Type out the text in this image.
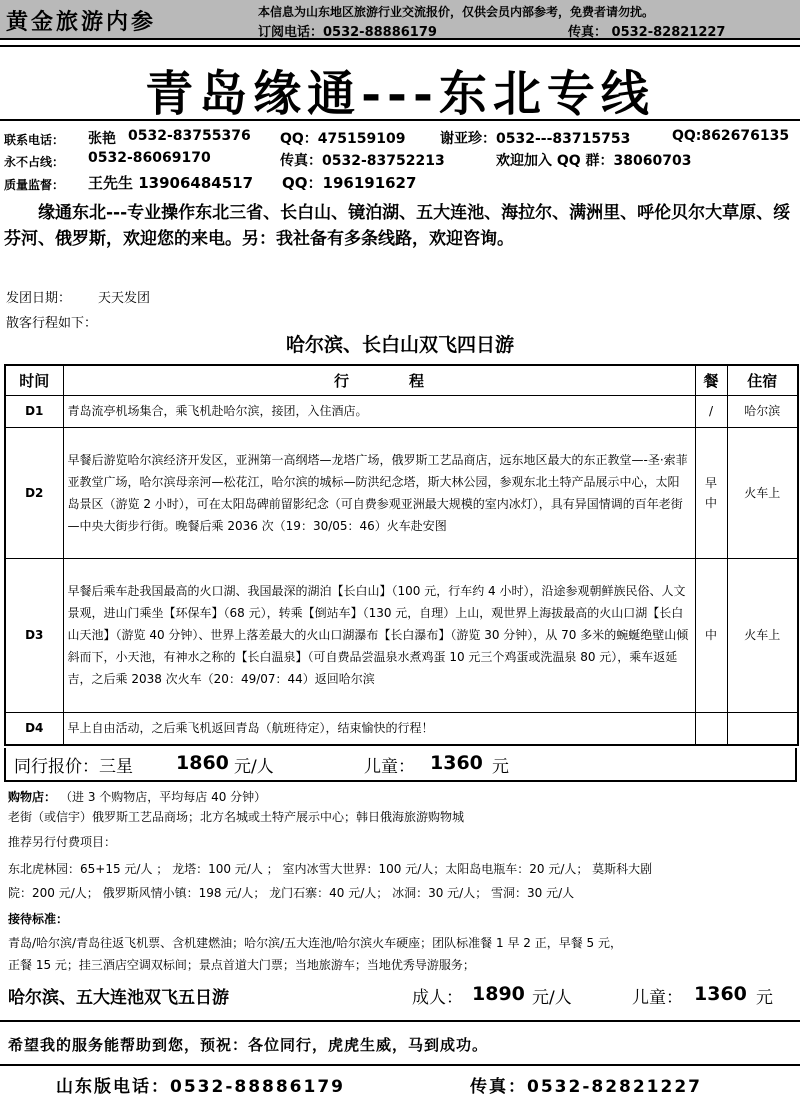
黄金旅游内参	本信息为山东地区旅游行业交流报价，仅供会员内部参考，免费者请勿扰。
订阅电话：0532-88886179	传真： 0532-82821227
青岛缘通---东北专线
联系电话： 张艳 0532-83755376 QQ：475159109 谢亚珍：0532---83715753	QQ:862676135
永不占线： 0532-86069170	传真：0532-83752213	欢迎加入 QQ 群：38060703
质量监督： 王先生 13906484517 QQ：196191627
缘通东北---专业操作东北三省、长白山、镜泊湖、五大连池、海拉尔、满洲里、呼伦贝尔大草原、绥芬河、俄罗斯，欢迎您的来电。另：我社备有多条线路，欢迎咨询。
发团日期： 天天发团
散客行程如下：
哈尔滨、长白山双飞四日游
时间	行　　　　程	餐	住宿
D1	青岛流亭机场集合，乘飞机赴哈尔滨，接团，入住酒店。	/	哈尔滨
D2	早餐后游览哈尔滨经济开发区，亚洲第一高纲塔—龙塔广场，俄罗斯工艺品商店，远东地区最大的东正教堂—-圣·索菲亚教堂广场，哈尔滨母亲河—松花江，哈尔滨的城标—防洪纪念塔，斯大林公园，参观东北土特产品展示中心，太阳岛景区（游览 2 小时），可在太阳岛碑前留影纪念（可自费参观亚洲最大规模的室内冰灯），具有异国情调的百年老街—中央大街步行街。晚餐后乘 2036 次（19：30/05：46）火车赴安图	早中	火车上
D3	早餐后乘车赴我国最高的火口湖、我国最深的湖泊【长白山】（100 元，行车约 4 小时），沿途参观朝鲜族民俗、人文景观，进山门乘坐【环保车】（68 元），转乘【倒站车】（130 元，自理）上山，观世界上海拔最高的火山口湖【长白山天池】（游览 40 分钟）、世界上落差最大的火山口湖瀑布【长白瀑布】（游览 30 分钟），从 70 多米的蜿蜒绝壁山倾斜而下，小天池，有神水之称的【长白温泉】（可自费品尝温泉水煮鸡蛋 10 元三个鸡蛋或洗温泉 80 元），乘车返延吉，之后乘 2038 次火车（20：49/07：44）返回哈尔滨	中	火车上
D4	早上自由活动，之后乘飞机返回青岛（航班待定），结束愉快的行程！		
同行报价：三星 1860 元/人	儿童： 1360 元
购物店： （进 3 个购物店，平均每店 40 分钟）
老街（或信宇）俄罗斯工艺品商场；北方名城或土特产展示中心；韩日俄海旅游购物城
推荐另行付费项目：
东北虎林园：65+15 元/人 ； 龙塔：100 元/人 ； 室内冰雪大世界：100 元/人；太阳岛电瓶车：20 元/人； 莫斯科大剧
院：200 元/人； 俄罗斯风情小镇：198 元/人； 龙门石寨：40 元/人； 冰洞：30 元/人； 雪洞：30 元/人
接待标准：
青岛/哈尔滨/青岛往返飞机票、含机建燃油；哈尔滨/五大连池/哈尔滨火车硬座；团队标准餐 1 早 2 正，早餐 5 元，
正餐 15 元；挂三酒店空调双标间；景点首道大门票；当地旅游车；当地优秀导游服务；
哈尔滨、五大连池双飞五日游	成人： 1890 元/人	儿童： 1360 元
希望我的服务能帮助到您，预祝：各位同行，虎虎生威，马到成功。
山东版电话：0532-88886179	传真：0532-82821227
